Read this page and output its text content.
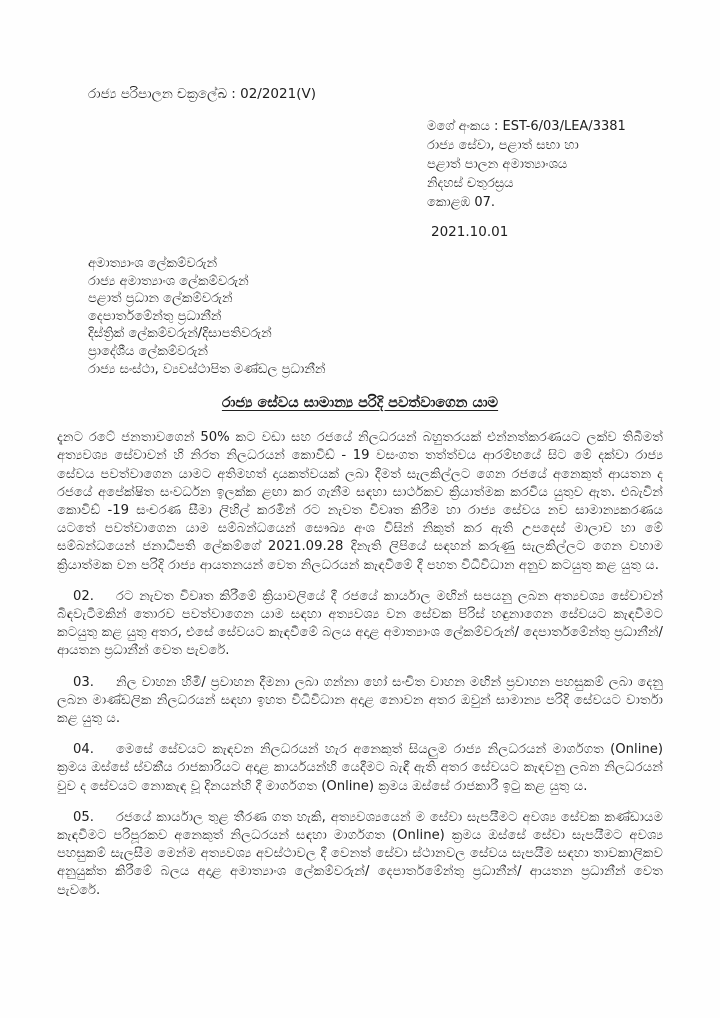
රාජ්‍ය පරිපාලන චක්‍රලේඛ : 02/2021(V)
මගේ අංකය : EST-6/03/LEA/3381
රාජ්‍ය සේවා, පළාත් සභා හා
පළාත් පාලන අමාත්‍යාංශය
නිදහස් චතුරස්‍රය
කොළඹ 07.
2021.10.01
අමාත්‍යාංශ ලේකම්වරුන්
රාජ්‍ය අමාත්‍යාංශ ලේකම්වරුන්
පළාත් ප්‍රධාන ලේකම්වරුන්
දෙපාර්තමේන්තු ප්‍රධානීන්
දිස්ත්‍රික් ලේකම්වරුන්/දිසාපතිවරුන්
ප්‍රාදේශීය ලේකම්වරුන්
රාජ්‍ය සංස්ථා, ව්‍යවස්ථාපිත මණ්ඩල ප්‍රධානීන්
රාජ්‍ය සේවය සාමාන්‍ය පරිදි පවත්වාගෙන යාම

දැනට රටේ ජනතාවගෙන් 50% කට වඩා සහ රජයේ නිලධරයන් බහුතරයක් එන්නත්කරණයට ලක්ව තිබීමත් අත්‍යවශ්‍ය සේවාවන් හි නිරත නිලධරයන් කොවිඩ් - 19 වසංගත තත්ත්වය ආරම්භයේ සිට මේ දක්වා රාජ්‍ය සේවය පවත්වාගෙන යාමට අතිමහත් දායකත්වයක් ලබා දීමත් සැලකිල්ලට ගෙන රජයේ අනෙකුත් ආයතන ද රජයේ අපේක්ෂිත සංවර්ධන ඉලක්ක ළඟා කර ගැනීම සඳහා සාර්ථකව ක්‍රියාත්මක කරවිය යුතුව ඇත. එබැවින් කොවිඩ් -19 සංචරණ සීමා ලිහිල් කරමින් රට නැවත විවෘත කිරීම හා රාජ්‍ය සේවය නව සාමාන්‍යකරණය යටතේ පවත්වාගෙන යාම සම්බන්ධයෙන් සෞඛ්‍ය අංශ විසින් නිකුත් කර ඇති උපදෙස් මාලාව හා මේ සම්බන්ධයෙන් ජනාධිපති ලේකම්ගේ 2021.09.28 දිනැති ලිපියේ සඳහන් කරුණු සැලකිල්ලට ගෙන වහාම ක්‍රියාත්මක වන පරිදි රාජ්‍ය ආයතනයන් වෙත නිලධරයන් කැඳවීමේ දී පහත විධිවිධාන අනුව කටයුතු කළ යුතු ය.

02. රට නැවත විවෘත කිරීමේ ක්‍රියාවලියේ දී රජයේ කාර්යාල මඟින් සපයනු ලබන අත්‍යවශ්‍ය සේවාවන් බිඳවැටීමකින් තොරව පවත්වාගෙන යාම සඳහා අත්‍යවශ්‍ය වන සේවක පිරිස් හඳුනාගෙන සේවයට කැඳවීමට කටයුතු කළ යුතු අතර, එසේ සේවයට කැඳවීමේ බලය අදාළ අමාත්‍යාංශ ලේකම්වරුන්/ දෙපාර්තමේන්තු ප්‍රධානීන්/ ආයතන ප්‍රධානීන් වෙත පැවරේ.

03. නිල වාහන හිමි/ ප්‍රවාහන දීමනා ලබා ගන්නා හෝ සංචිත වාහන මඟින් ප්‍රවාහන පහසුකම් ලබා දෙනු ලබන මාණ්ඩලික නිලධරයන් සඳහා ඉහත විධිවිධාන අදාළ නොවන අතර ඔවුන් සාමාන්‍ය පරිදි සේවයට වාර්තා කළ යුතු ය.

04. මෙසේ සේවයට කැඳවන නිලධරයන් හැර අනෙකුත් සියලුම රාජ්‍ය නිලධරයන් මාර්ගගත (Online) ක්‍රමය ඔස්සේ ස්වකීය රාජකාරියට අදාළ කාර්යයන්හි යෙදීමට බැඳී ඇති අතර සේවයට කැඳවනු ලබන නිලධරයන් වුව ද සේවයට නොකැඳ වූ දිනයන්හි දී මාර්ගගත (Online) ක්‍රමය ඔස්සේ රාජකාරී ඉටු කළ යුතු ය.

05. රජයේ කාර්යාල තුළ තීරණ ගත හැකි, අත්‍යවශ්‍යයෙන් ම සේවා සැපයීමට අවශ්‍ය සේවක කණ්ඩායම කැඳවීමට පරිපූරකව අනෙකුත් නිලධරයන් සඳහා මාර්ගගත (Online) ක්‍රමය ඔස්සේ සේවා සැපයීමට අවශ්‍ය පහසුකම් සැලසීම මෙන්ම අත්‍යවශ්‍ය අවස්ථාවල දී වෙනත් සේවා ස්ථානවල සේවය සැපයීම සඳහා තාවකාලිකව අනුයුක්ත කිරීමේ බලය අදාළ අමාත්‍යාංශ ලේකම්වරුන්/ දෙපාර්තමේන්තු ප්‍රධානීන්/ ආයතන ප්‍රධානීන් වෙත පැවරේ.
